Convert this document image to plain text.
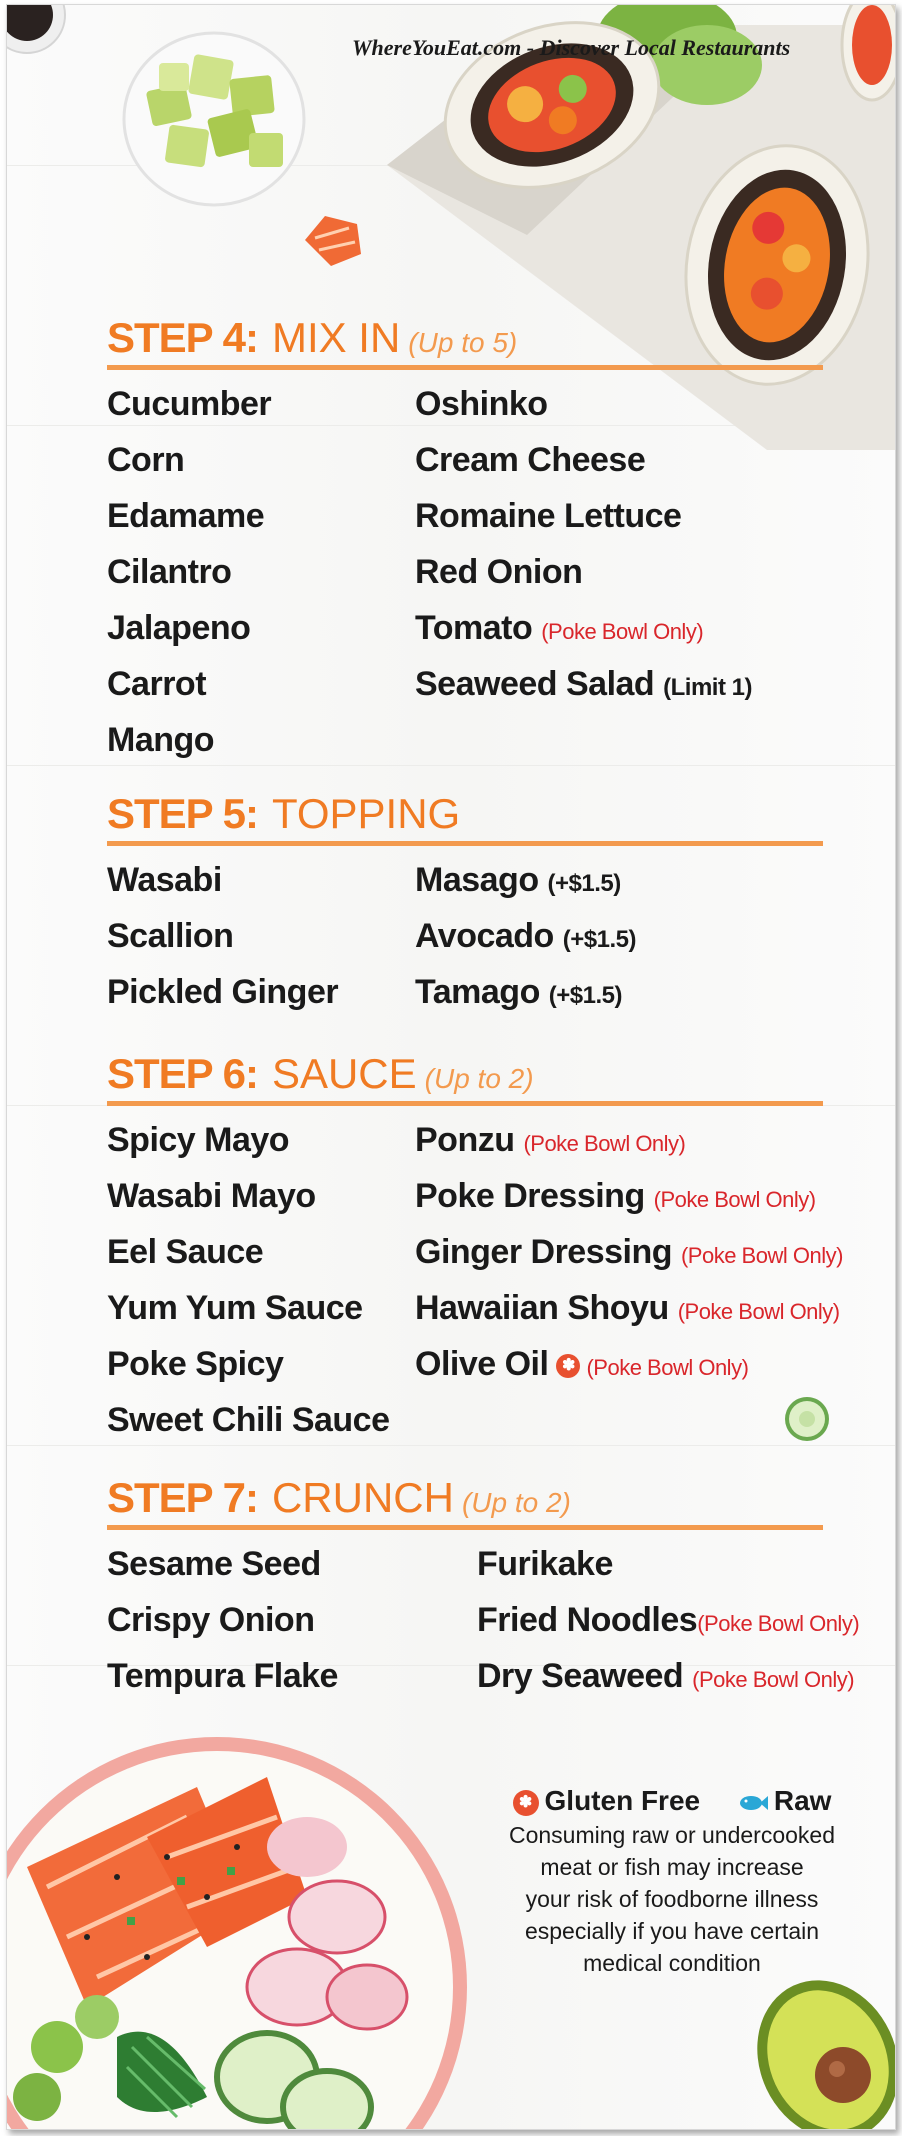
WhereYouEat.com - Discover Local Restaurants
STEP 4: MIX IN (Up to 5)
Cucumber
Corn
Edamame
Cilantro
Jalapeno
Carrot
Mango
Oshinko
Cream Cheese
Romaine Lettuce
Red Onion
Tomato (Poke Bowl Only)
Seaweed Salad (Limit 1)
STEP 5: TOPPING
Wasabi
Scallion
Pickled Ginger
Masago (+$1.5)
Avocado (+$1.5)
Tamago (+$1.5)
STEP 6: SAUCE (Up to 2)
Spicy Mayo
Wasabi Mayo
Eel Sauce
Yum Yum Sauce
Poke Spicy
Sweet Chili Sauce
Ponzu (Poke Bowl Only)
Poke Dressing (Poke Bowl Only)
Ginger Dressing (Poke Bowl Only)
Hawaiian Shoyu (Poke Bowl Only)
Olive Oil ✽ (Poke Bowl Only)
STEP 7: CRUNCH (Up to 2)
Sesame Seed
Crispy Onion
Tempura Flake
Furikake
Fried Noodles(Poke Bowl Only)
Dry Seaweed (Poke Bowl Only)
✽ Gluten Free	Raw
Consuming raw or undercooked
meat or fish may increase
your risk of foodborne illness
especially if you have certain
medical condition
